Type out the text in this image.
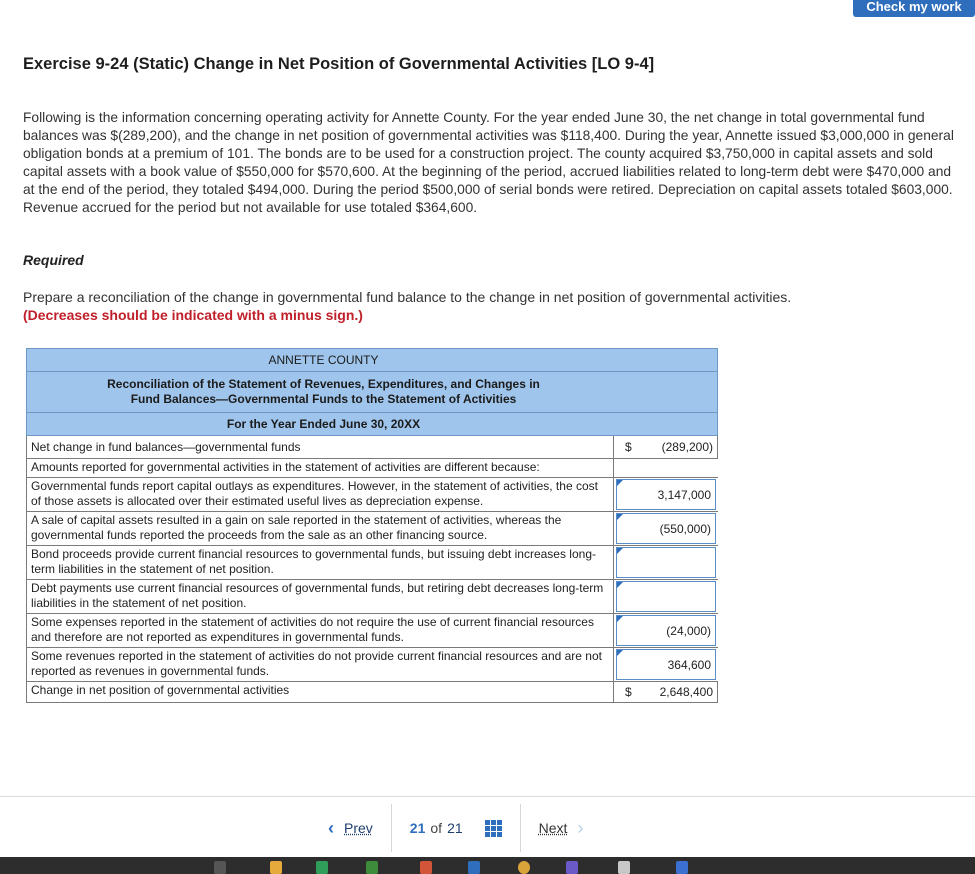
Check my work
Exercise 9-24 (Static) Change in Net Position of Governmental Activities [LO 9-4]

Following is the information concerning operating activity for Annette County. For the year ended June 30, the net change in total governmental fund balances was $(289,200), and the change in net position of governmental activities was $118,400. During the year, Annette issued $3,000,000 in general obligation bonds at a premium of 101. The bonds are to be used for a construction project. The county acquired $3,750,000 in capital assets and sold capital assets with a book value of $550,000 for $570,600. At the beginning of the period, accrued liabilities related to long-term debt were $470,000 and at the end of the period, they totaled $494,000. During the period $500,000 of serial bonds were retired. Depreciation on capital assets totaled $603,000. Revenue accrued for the period but not available for use totaled $364,600.

Required

Prepare a reconciliation of the change in governmental fund balance to the change in net position of governmental activities.

(Decreases should be indicated with a minus sign.)

ANNETTE COUNTY
Reconciliation of the Statement of Revenues, Expenditures, and Changes in
Fund Balances—Governmental Funds to the Statement of Activities
For the Year Ended June 30, 20XX
Net change in fund balances—governmental funds	$ (289,200)
Amounts reported for governmental activities in the statement of activities are different because:
Governmental funds report capital outlays as expenditures. However, in the statement of activities, the cost of those assets is allocated over their estimated useful lives as depreciation expense.	3,147,000
A sale of capital assets resulted in a gain on sale reported in the statement of activities, whereas the governmental funds reported the proceeds from the sale as an other financing source.	(550,000)
Bond proceeds provide current financial resources to governmental funds, but issuing debt increases long-term liabilities in the statement of net position.
Debt payments use current financial resources of governmental funds, but retiring debt decreases long-term liabilities in the statement of net position.
Some expenses reported in the statement of activities do not require the use of current financial resources and therefore are not reported as expenditures in governmental funds.	(24,000)
Some revenues reported in the statement of activities do not provide current financial resources and are not reported as revenues in governmental funds.	364,600
Change in net position of governmental activities	$ 2,648,400
‹ Prev	21 of 21	Next ›
